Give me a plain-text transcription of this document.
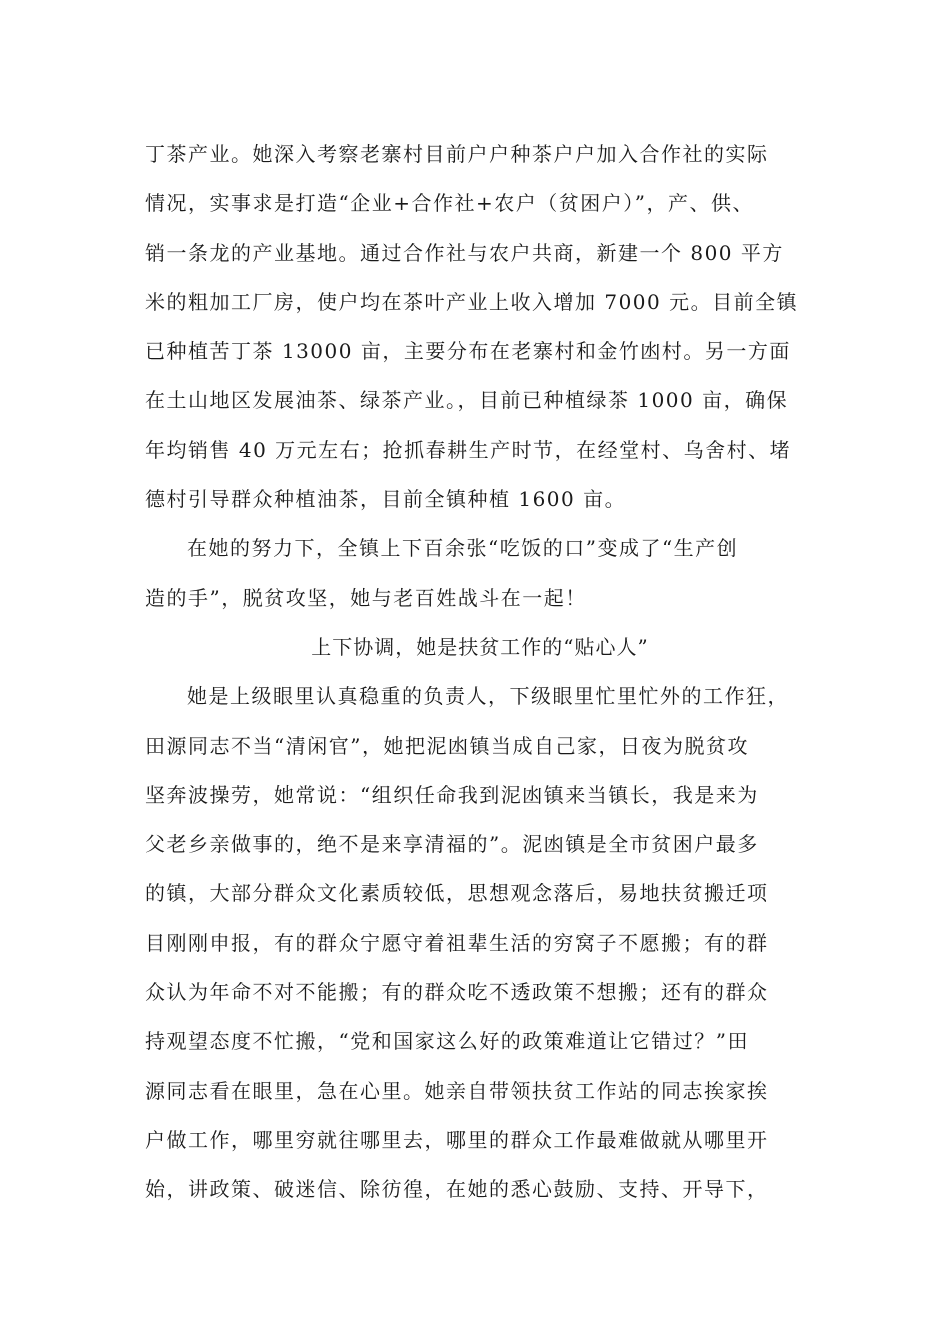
丁茶产业。她深入考察老寨村目前户户种茶户户加入合作社的实际
情况，实事求是打造“企业+合作社+农户（贫困户）”，产、供、
销一条龙的产业基地。通过合作社与农户共商，新建一个 800 平方
米的粗加工厂房，使户均在茶叶产业上收入增加 7000 元。目前全镇
已种植苦丁茶 13000 亩，主要分布在老寨村和金竹凼村。另一方面
在土山地区发展油茶、绿茶产业。，目前已种植绿茶 1000 亩，确保
年均销售 40 万元左右；抢抓春耕生产时节，在经堂村、乌舍村、堵
德村引导群众种植油茶，目前全镇种植 1600 亩。
在她的努力下，全镇上下百余张“吃饭的口”变成了“生产创
造的手”，脱贫攻坚，她与老百姓战斗在一起！
上下协调，她是扶贫工作的“贴心人”
她是上级眼里认真稳重的负责人，下级眼里忙里忙外的工作狂，
田源同志不当“清闲官”，她把泥凼镇当成自己家，日夜为脱贫攻
坚奔波操劳，她常说：“组织任命我到泥凼镇来当镇长，我是来为
父老乡亲做事的，绝不是来享清福的”。泥凼镇是全市贫困户最多
的镇，大部分群众文化素质较低，思想观念落后，易地扶贫搬迁项
目刚刚申报，有的群众宁愿守着祖辈生活的穷窝子不愿搬；有的群
众认为年命不对不能搬；有的群众吃不透政策不想搬；还有的群众
持观望态度不忙搬，“党和国家这么好的政策难道让它错过？”田
源同志看在眼里，急在心里。她亲自带领扶贫工作站的同志挨家挨
户做工作，哪里穷就往哪里去，哪里的群众工作最难做就从哪里开
始，讲政策、破迷信、除彷徨，在她的悉心鼓励、支持、开导下，
